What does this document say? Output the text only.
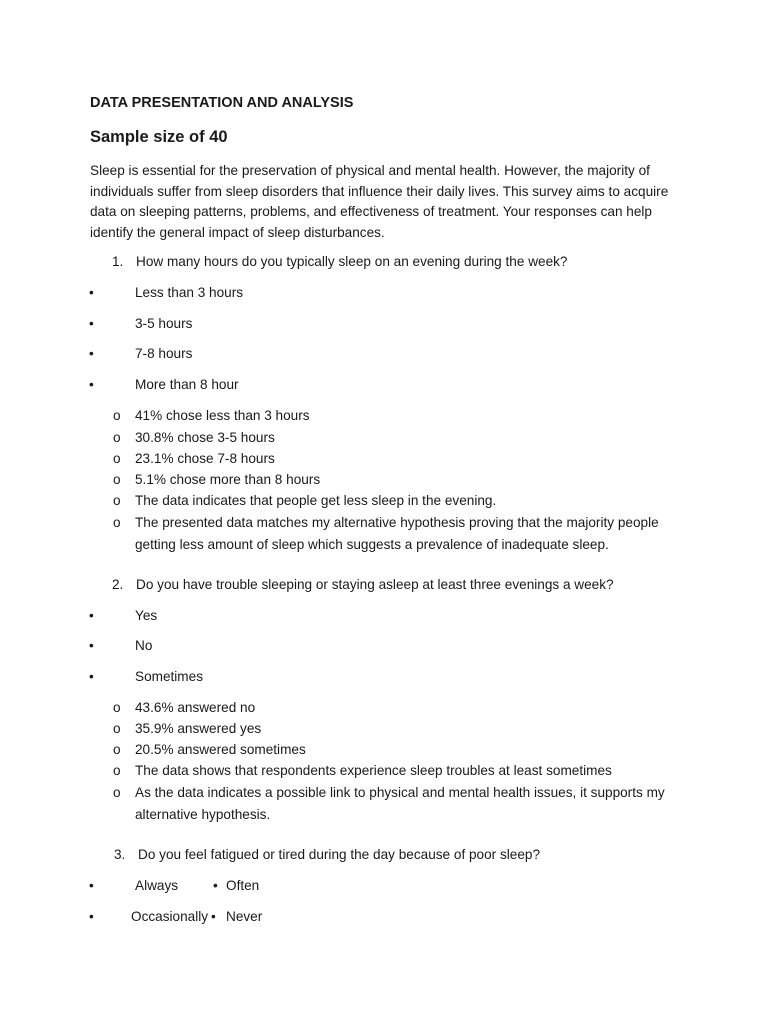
DATA PRESENTATION AND ANALYSIS
Sample size of 40
Sleep is essential for the preservation of physical and mental health. However, the majority of individuals suffer from sleep disorders that influence their daily lives. This survey aims to acquire data on sleeping patterns, problems, and effectiveness of treatment. Your responses can help identify the general impact of sleep disturbances.
1. How many hours do you typically sleep on an evening during the week?
•	Less than 3 hours
•	3-5 hours
•	7-8 hours
•	More than 8 hour
o 41% chose less than 3 hours
o 30.8% chose 3-5 hours
o 23.1% chose 7-8 hours
o 5.1% chose more than 8 hours
o The data indicates that people get less sleep in the evening.
o The presented data matches my alternative hypothesis proving that the majority people getting less amount of sleep which suggests a prevalence of inadequate sleep.
2. Do you have trouble sleeping or staying asleep at least three evenings a week?
•	Yes
•	No
•	Sometimes
o 43.6% answered no
o 35.9% answered yes
o 20.5% answered sometimes
o The data shows that respondents experience sleep troubles at least sometimes
o As the data indicates a possible link to physical and mental health issues, it supports my alternative hypothesis.
3. Do you feel fatigued or tired during the day because of poor sleep?
•	Always	• Often
•	Occasionally • Never
